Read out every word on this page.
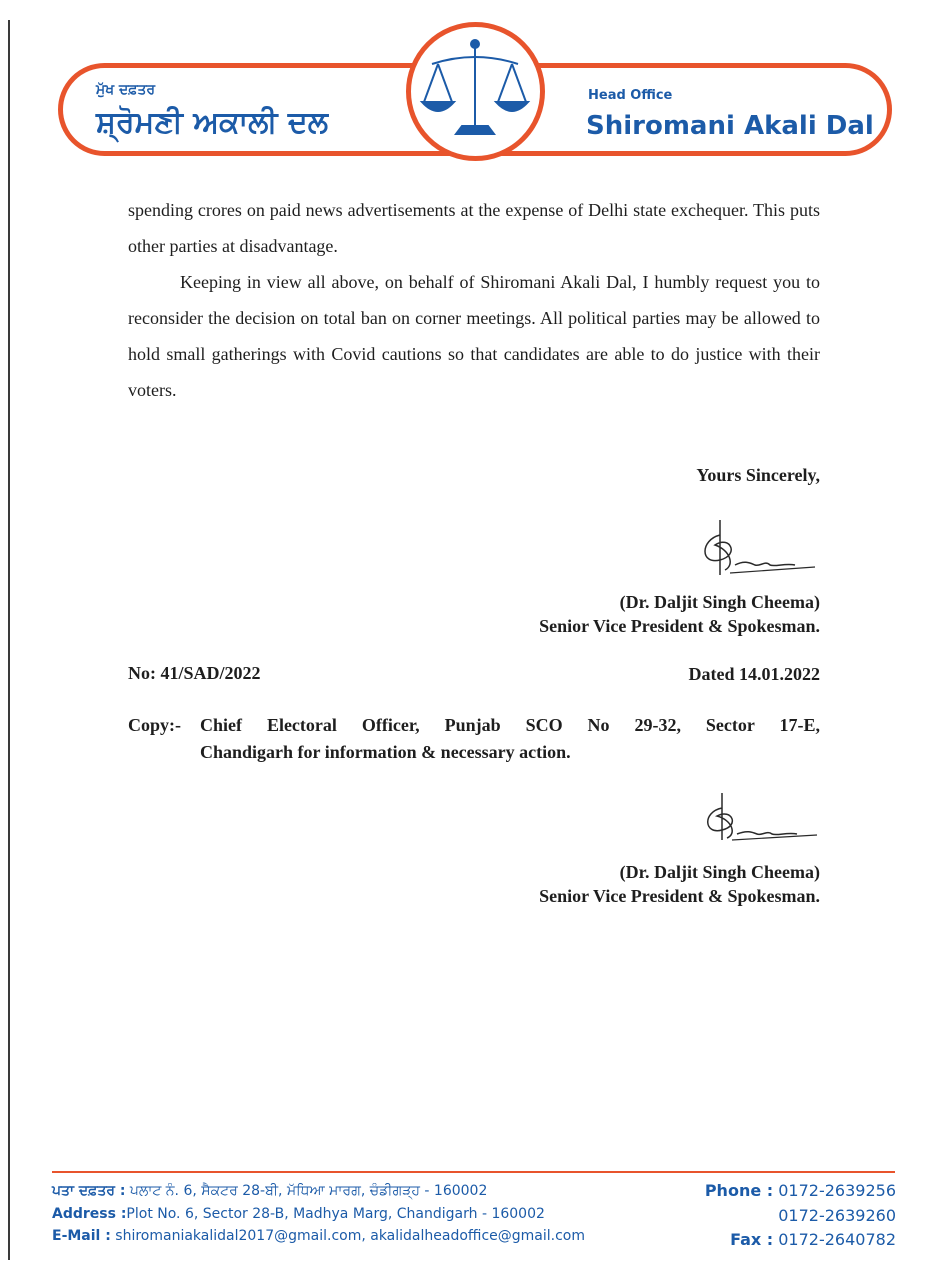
ਮੁੱਖ ਦਫ਼ਤਰ
ਸ਼੍ਰੋਮਣੀ ਅਕਾਲੀ ਦਲ
Head Office
Shiromani Akali Dal
spending crores on paid news advertisements at the expense of Delhi state exchequer. This puts other parties at disadvantage.
Keeping in view all above, on behalf of Shiromani Akali Dal, I humbly request you to reconsider the decision on total ban on corner meetings. All political parties may be allowed to hold small gatherings with Covid cautions so that candidates are able to do justice with their voters.
Yours Sincerely,
(Dr. Daljit Singh Cheema)
Senior Vice President & Spokesman.
No: 41/SAD/2022	Dated 14.01.2022
Copy:- Chief Electoral Officer, Punjab SCO No 29-32, Sector 17-E,
Chandigarh for information & necessary action.
(Dr. Daljit Singh Cheema)
Senior Vice President & Spokesman.
ਪਤਾ ਦਫ਼ਤਰ : ਪਲਾਟ ਨੰ. 6, ਸੈਕਟਰ 28-ਬੀ, ਮੱਧਿਆ ਮਾਰਗ, ਚੰਡੀਗੜ੍ਹ - 160002
Address :Plot No. 6, Sector 28-B, Madhya Marg, Chandigarh - 160002
E-Mail : shiromaniakalidal2017@gmail.com, akalidalheadoffice@gmail.com
Phone : 0172-2639256
0172-2639260
Fax : 0172-2640782
